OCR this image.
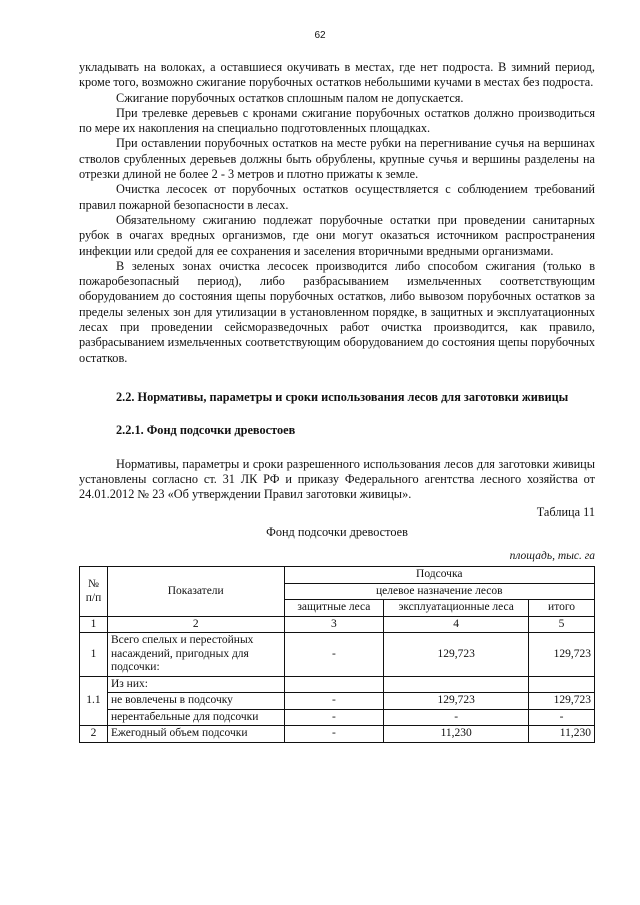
62

укладывать на волоках, а оставшиеся окучивать в местах, где нет подроста. В зимний период, кроме того, возможно сжигание порубочных остатков небольшими кучами в местах без подроста.

Сжигание порубочных остатков сплошным палом не допускается.

При трелевке деревьев с кронами сжигание порубочных остатков должно производиться по мере их накопления на специально подготовленных площадках.

При оставлении порубочных остатков на месте рубки на перегнивание сучья на вершинах стволов срубленных деревьев должны быть обрублены, крупные сучья и вершины разделены на отрезки длиной не более 2 - 3 метров и плотно прижаты к земле.

Очистка лесосек от порубочных остатков осуществляется с соблюдением требований правил пожарной безопасности в лесах.

Обязательному сжиганию подлежат порубочные остатки при проведении санитарных рубок в очагах вредных организмов, где они могут оказаться источником распространения инфекции или средой для ее сохранения и заселения вторичными вредными организмами.

В зеленых зонах очистка лесосек производится либо способом сжигания (только в пожаробезопасный период), либо разбрасыванием измельченных соответствующим оборудованием до состояния щепы порубочных остатков, либо вывозом порубочных остатков за пределы зеленых зон для утилизации в установленном порядке, в защитных и эксплуатационных лесах при проведении сейсморазведочных работ очистка производится, как правило, разбрасыванием измельченных соответствующим оборудованием до состояния щепы порубочных остатков.

2.2. Нормативы, параметры и сроки использования лесов для заготовки живицы

2.2.1. Фонд подсочки древостоев

Нормативы, параметры и сроки разрешенного использования лесов для заготовки живицы установлены согласно ст. 31 ЛК РФ и приказу Федерального агентства лесного хозяйства от 24.01.2012 № 23 «Об утверждении Правил заготовки живицы».

Таблица 11

Фонд подсочки древостоев

площадь, тыс. га

№ п/п	Показатели	Подсочка		
		целевое назначение лесов		
		защитные леса	эксплуатационные леса	итого
1	2	3	4	5
1	Всего спелых и перестойных насаждений, пригодных для подсочки:	-	129,723	129,723
1.1	Из них:			
	не вовлечены в подсочку	-	129,723	129,723
	нерентабельные для подсочки	-	-	-
2	Ежегодный объем подсочки	-	11,230	11,230
